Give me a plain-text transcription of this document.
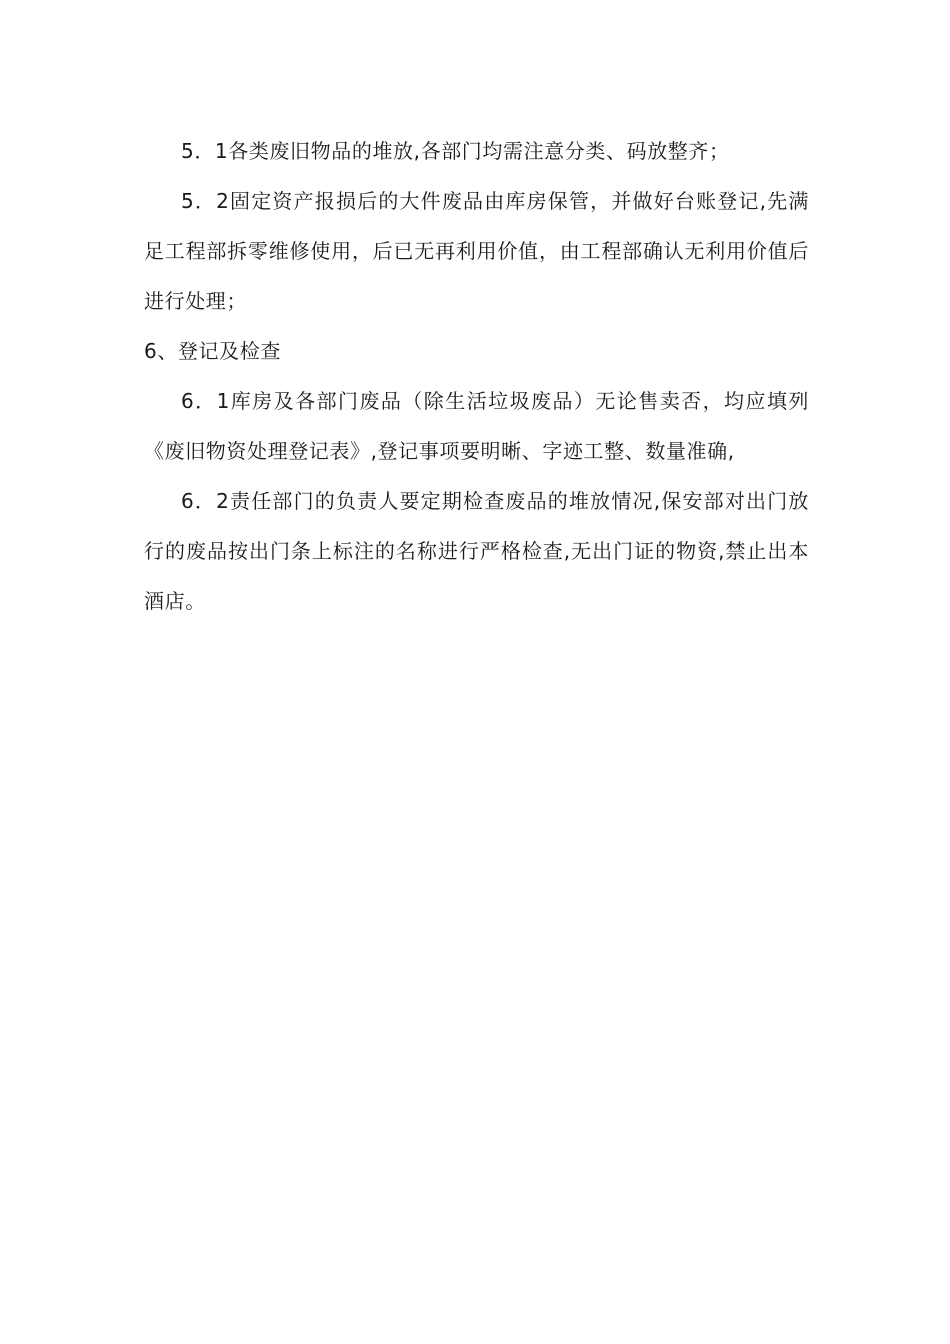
5．1各类废旧物品的堆放,各部门均需注意分类、码放整齐；

5．2固定资产报损后的大件废品由库房保管，并做好台账登记,先满足工程部拆零维修使用，后已无再利用价值，由工程部确认无利用价值后进行处理；

6、登记及检查

6．1库房及各部门废品（除生活垃圾废品）无论售卖否，均应填列《废旧物资处理登记表》,登记事项要明晰、字迹工整、数量准确,

6．2责任部门的负责人要定期检查废品的堆放情况,保安部对出门放行的废品按出门条上标注的名称进行严格检查,无出门证的物资,禁止出本酒店。
